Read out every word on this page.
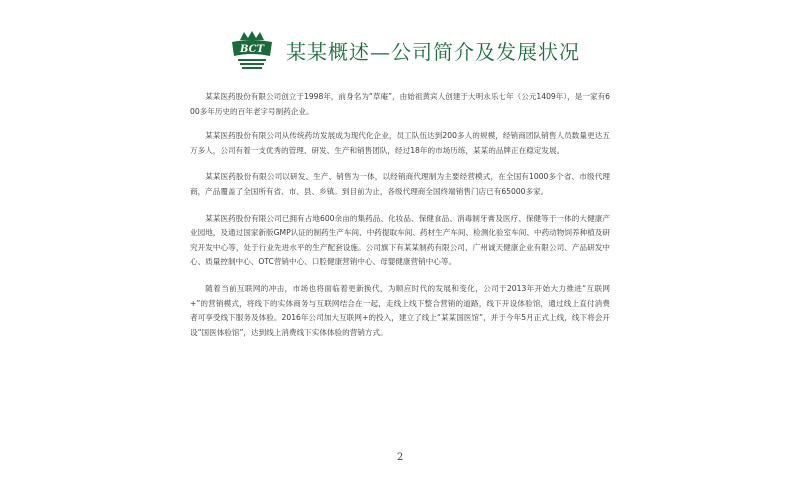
BCT 某某概述—公司简介及发展状况

某某医药股份有限公司创立于1998年，前身名为“草庵”，由始祖黄宾人创建于大明永乐七年（公元1409年），是一家有600多年历史的百年老字号制药企业。

某某医药股份有限公司从传统药坊发展成为现代化企业，员工队伍达到200多人的规模，经销商团队销售人员数量更达五万多人，公司有着一支优秀的管理、研发、生产和销售团队，经过18年的市场历练，某某的品牌正在稳定发展。

某某医药股份有限公司以研发、生产、销售为一体，以经销商代理制为主要经营模式，在全国有1000多个省、市级代理商，产品覆盖了全国所有省、市、县、乡镇。到目前为止，各级代理商全国终端销售门店已有65000多家。

某某医药股份有限公司已拥有占地600余亩的集药品、化妆品、保健食品、消毒制牙膏及医疗、保健等于一体的大健康产业园地，及通过国家新版GMP认证的制药生产车间、中药提取车间、药材生产车间、检测化验室车间、中药动物饲养种植及研究开发中心等，处于行业先进水平的生产配套设施。公司旗下有某某制药有限公司、广州诚天健康企业有限公司、产品研发中心、质量控制中心、OTC营销中心、口腔健康营销中心、母婴健康营销中心等。

随着当前互联网的冲击，市场也将面临着更新换代，为顺应时代的发展和变化，公司于2013年开始大力推进“互联网+”的营销模式，将线下的实体商务与互联网结合在一起，走线上线下整合营销的道路，线下开设体验馆，通过线上直付消费者可享受线下服务及体验。2016年公司加大互联网+的投入，建立了线上“某某国医馆”，并于今年5月正式上线，线下将会开设“国医体验馆”，达到线上消费线下实体体验的营销方式。

2
